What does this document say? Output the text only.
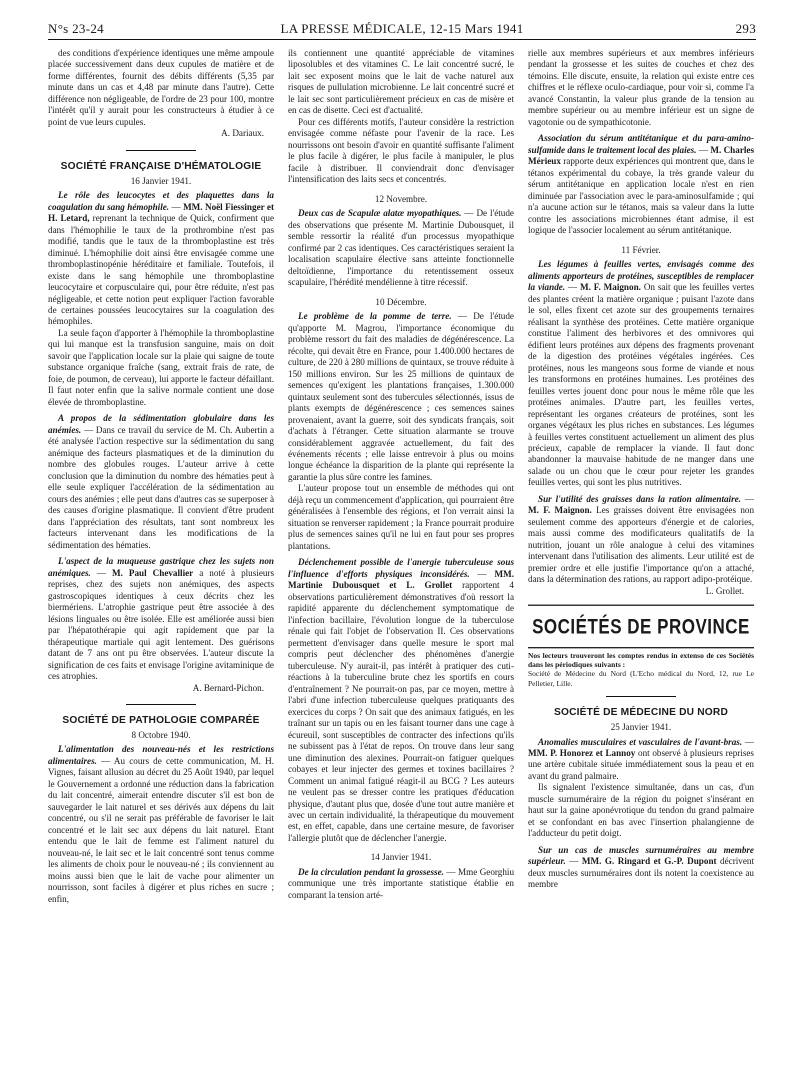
N°s 23-24	LA PRESSE MÉDICALE, 12-15 Mars 1941	293

des conditions d'expérience identiques une même ampoule placée successivement dans deux cupules de matière et de forme différentes, fournit des débits différents (5,35 par minute dans un cas et 4,48 par minute dans l'autre). Cette différence non négligeable, de l'ordre de 23 pour 100, montre l'intérêt qu'il y aurait pour les constructeurs à étudier à ce point de vue leurs cupules.

A. Dariaux.

SOCIÉTÉ FRANÇAISE D'HÉMATOLOGIE
16 Janvier 1941.

Le rôle des leucocytes et des plaquettes dans la coagulation du sang hémophile. — MM. Noël Fiessinger et H. Letard, reprenant la technique de Quick, confirment que dans l'hémophilie le taux de la prothrombine n'est pas modifié, tandis que le taux de la thromboplastine est très diminué. L'hémophilie doit ainsi être envisagée comme une thromboplastinopénie héréditaire et familiale. Toutefois, il existe dans le sang hémophile une thromboplastine leucocytaire et corpusculaire qui, pour être réduite, n'est pas négligeable, et cette notion peut expliquer l'action favorable de certaines poussées leucocytaires sur la coagulation des hémophiles.

La seule façon d'apporter à l'hémophile la thromboplastine qui lui manque est la transfusion sanguine, mais on doit savoir que l'application locale sur la plaie qui saigne de toute substance organique fraîche (sang, extrait frais de rate, de foie, de poumon, de cerveau), lui apporte le facteur défaillant. Il faut noter enfin que la salive normale contient une dose élevée de thromboplastine.

A propos de la sédimentation globulaire dans les anémies. — Dans ce travail du service de M. Ch. Aubertin a été analysée l'action respective sur la sédimentation du sang anémique des facteurs plasmatiques et de la diminution du nombre des globules rouges. L'auteur arrive à cette conclusion que la diminution du nombre des hématies peut à elle seule expliquer l'accélération de la sédimentation au cours des anémies ; elle peut dans d'autres cas se superposer à des causes d'origine plasmatique. Il convient d'être prudent dans l'appréciation des résultats, tant sont nombreux les facteurs intervenant dans les modifications de la sédimentation des hématies.

L'aspect de la muqueuse gastrique chez les sujets non anémiques. — M. Paul Chevallier a noté à plusieurs reprises, chez des sujets non anémiques, des aspects gastroscopiques identiques à ceux décrits chez les biermériens. L'atrophie gastrique peut être associée à des lésions linguales ou être isolée. Elle est améliorée aussi bien par l'hépatothérapie qui agit rapidement que par la thérapeutique martiale qui agit lentement. Des guérisons datant de 7 ans ont pu être observées. L'auteur discute la signification de ces faits et envisage l'origine avitaminique de ces atrophies.

A. Bernard-Pichon.

SOCIÉTÉ DE PATHOLOGIE COMPARÉE
8 Octobre 1940.

L'alimentation des nouveau-nés et les restrictions alimentaires. — Au cours de cette communication, M. H. Vignes, faisant allusion au décret du 25 Août 1940, par lequel le Gouvernement a ordonné une réduction dans la fabrication du lait concentré, aimerait entendre discuter s'il est bon de sauvegarder le lait naturel et ses dérivés aux dépens du lait concentré, ou s'il ne serait pas préférable de favoriser le lait concentré et le lait sec aux dépens du lait naturel. Etant entendu que le lait de femme est l'aliment naturel du nouveau-né, le lait sec et le lait concentré sont tenus comme les aliments de choix pour le nouveau-né ; ils conviennent au moins aussi bien que le lait de vache pour alimenter un nourrisson, sont faciles à digérer et plus riches en sucre ; enfin,

ils contiennent une quantité appréciable de vitamines liposolubles et des vitamines C. Le lait concentré sucré, le lait sec exposent moins que le lait de vache naturel aux risques de pullulation microbienne. Le lait concentré sucré et le lait sec sont particulièrement précieux en cas de misère et en cas de disette. Ceci est d'actualité.

Pour ces différents motifs, l'auteur considère la restriction envisagée comme néfaste pour l'avenir de la race. Les nourrissons ont besoin d'avoir en quantité suffisante l'aliment le plus facile à digérer, le plus facile à manipuler, le plus facile à distribuer. Il conviendrait donc d'envisager l'intensification des laits secs et concentrés.

12 Novembre.

Deux cas de Scapulæ alatæ myopathiques. — De l'étude des observations que présente M. Martinie Dubousquet, il semble ressortir la réalité d'un processus myopathique confirmé par 2 cas identiques. Ces caractéristiques seraient la localisation scapulaire élective sans atteinte fonctionnelle deltoïdienne, l'importance du retentissement osseux scapulaire, l'hérédité mendélienne à titre récessif.

10 Décembre.

Le problème de la pomme de terre. — De l'étude qu'apporte M. Magrou, l'importance économique du problème ressort du fait des maladies de dégénérescence. La récolte, qui devait être en France, pour 1.400.000 hectares de culture, de 220 à 280 millions de quintaux, se trouve réduite à 150 millions environ. Sur les 25 millions de quintaux de semences qu'exigent les plantations françaises, 1.300.000 quintaux seulement sont des tubercules sélectionnés, issus de plants exempts de dégénérescence ; ces semences saines provenaient, avant la guerre, soit des syndicats français, soit d'achats à l'étranger. Cette situation alarmante se trouve considérablement aggravée actuellement, du fait des événements récents ; elle laisse entrevoir à plus ou moins longue échéance la disparition de la plante qui représente la garantie la plus sûre contre les famines.

L'auteur propose tout un ensemble de méthodes qui ont déjà reçu un commencement d'application, qui pourraient être généralisées à l'ensemble des régions, et l'on verrait ainsi la situation se renverser rapidement ; la France pourrait produire plus de semences saines qu'il ne lui en faut pour ses propres plantations.

Déclenchement possible de l'anergie tuberculeuse sous l'influence d'efforts physiques inconsidérés. — MM. Martinie Dubousquet et L. Grollet rapportent 4 observations particulièrement démonstratives d'où ressort la rapidité apparente du déclenchement symptomatique de l'infection bacillaire, l'évolution longue de la tuberculose rénale qui fait l'objet de l'observation II. Ces observations permettent d'envisager dans quelle mesure le sport mal compris peut déclencher des phénomènes d'anergie tuberculeuse. N'y aurait-il, pas intérêt à pratiquer des cuti-réactions à la tuberculine brute chez les sportifs en cours d'entraînement ? Ne pourrait-on pas, par ce moyen, mettre à l'abri d'une infection tuberculeuse quelques pratiquants des exercices du corps ? On sait que des animaux fatigués, en les traînant sur un tapis ou en les faisant tourner dans une cage à écureuil, sont susceptibles de contracter des infections qu'ils ne subissent pas à l'état de repos. On trouve dans leur sang une diminution des alexines. Pourrait-on fatiguer quelques cobayes et leur injecter des germes et toxines bacillaires ? Comment un animal fatigué réagit-il au BCG ? Les auteurs ne veulent pas se dresser contre les pratiques d'éducation physique, d'autant plus que, dosée d'une tout autre manière et avec un certain individualité, la thérapeutique du mouvement est, en effet, capable, dans une certaine mesure, de favoriser l'allergie plutôt que de déclencher l'anergie.

14 Janvier 1941.

De la circulation pendant la grossesse. — Mme Georghiu communique une très importante statistique établie en comparant la tension arté-

rielle aux membres supérieurs et aux membres inférieurs pendant la grossesse et les suites de couches et chez des témoins. Elle discute, ensuite, la relation qui existe entre ces chiffres et le réflexe oculo-cardiaque, pour voir si, comme l'a avancé Constantin, la valeur plus grande de la tension au membre supérieur ou au membre inférieur est un signe de vagotonie ou de sympathicotonie.

Association du sérum antitétanique et du para-amino-sulfamide dans le traitement local des plaies. — M. Charles Mérieux rapporte deux expériences qui montrent que, dans le tétanos expérimental du cobaye, la très grande valeur du sérum antitétanique en application locale n'est en rien diminuée par l'association avec le para-aminosulfamide ; qui n'a aucune action sur le tétanos, mais sa valeur dans la lutte contre les associations microbiennes étant admise, il est logique de l'associer localement au sérum antitétanique.

11 Février.

Les légumes à feuilles vertes, envisagés comme des aliments apporteurs de protéines, susceptibles de remplacer la viande. — M. F. Maignon. On sait que les feuilles vertes des plantes créent la matière organique ; puisant l'azote dans le sol, elles fixent cet azote sur des groupements ternaires réalisant la synthèse des protéines. Cette matière organique constitue l'aliment des herbivores et des omnivores qui édifient leurs protéines aux dépens des fragments provenant de la digestion des protéines végétales ingérées. Ces protéines, nous les mangeons sous forme de viande et nous les transformons en protéines humaines. Les protéines des feuilles vertes jouent donc pour nous le même rôle que les protéines animales. D'autre part, les feuilles vertes, représentant les organes créateurs de protéines, sont les organes végétaux les plus riches en substances. Les légumes à feuilles vertes constituent actuellement un aliment des plus précieux, capable de remplacer la viande. Il faut donc abandonner la mauvaise habitude de ne manger dans une salade ou un chou que le cœur pour rejeter les grandes feuilles vertes, qui sont les plus nutritives.

Sur l'utilité des graisses dans la ration alimentaire. — M. F. Maignon. Les graisses doivent être envisagées non seulement comme des apporteurs d'énergie et de calories, mais aussi comme des modificateurs qualitatifs de la nutrition, jouant un rôle analogue à celui des vitamines intervenant dans l'utilisation des aliments. Leur utilité est de premier ordre et elle justifie l'importance qu'on a attaché, dans la détermination des rations, au rapport adipo-protéique.

L. Grollet.

SOCIÉTÉS DE PROVINCE

Nos lecteurs trouveront les comptes rendus in extenso de ces Sociétés dans les périodiques suivants :
Société de Médecine du Nord (L'Echo médical du Nord, 12, rue Le Pelletier, Lille.

SOCIÉTÉ DE MÉDECINE DU NORD
25 Janvier 1941.

Anomalies musculaires et vasculaires de l'avant-bras. — MM. P. Honorez et Lannoy ont observé à plusieurs reprises une artère cubitale située immédiatement sous la peau et en avant du grand palmaire.

Ils signalent l'existence simultanée, dans un cas, d'un muscle surnuméraire de la région du poignet s'insérant en haut sur la gaine aponévrotique du tendon du grand palmaire et se confondant en bas avec l'insertion phalangienne de l'adducteur du petit doigt.

Sur un cas de muscles surnuméraires au membre supérieur. — MM. G. Ringard et G.-P. Dupont décrivent deux muscles surnuméraires dont ils notent la coexistence au membre
